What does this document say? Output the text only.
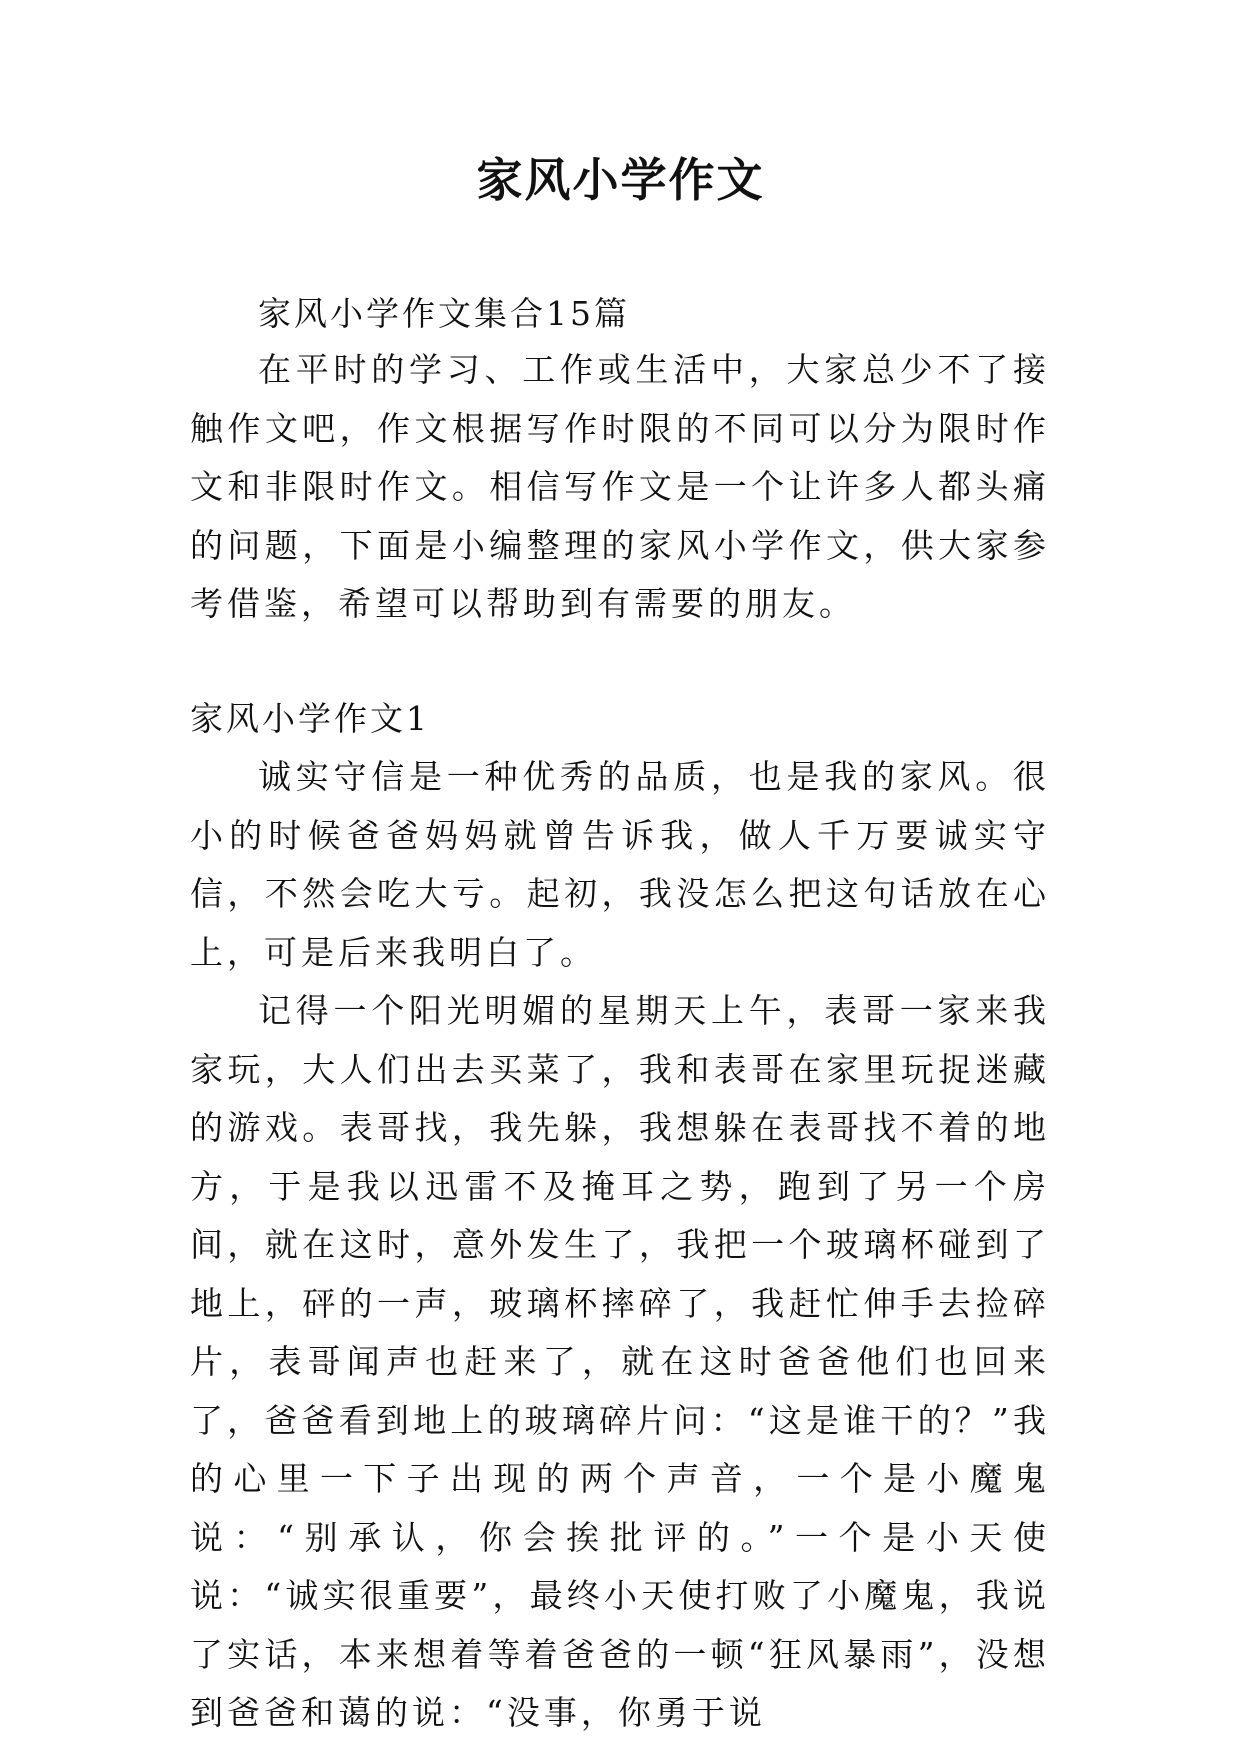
家风小学作文
家风小学作文集合15篇

在平时的学习、工作或生活中，大家总少不了接触作文吧，作文根据写作时限的不同可以分为限时作文和非限时作文。相信写作文是一个让许多人都头痛的问题，下面是小编整理的家风小学作文，供大家参考借鉴，希望可以帮助到有需要的朋友。

家风小学作文1

诚实守信是一种优秀的品质，也是我的家风。很小的时候爸爸妈妈就曾告诉我，做人千万要诚实守信，不然会吃大亏。起初，我没怎么把这句话放在心上，可是后来我明白了。

记得一个阳光明媚的星期天上午，表哥一家来我家玩，大人们出去买菜了，我和表哥在家里玩捉迷藏的游戏。表哥找，我先躲，我想躲在表哥找不着的地方，于是我以迅雷不及掩耳之势，跑到了另一个房间，就在这时，意外发生了，我把一个玻璃杯碰到了地上，砰的一声，玻璃杯摔碎了，我赶忙伸手去捡碎片，表哥闻声也赶来了，就在这时爸爸他们也回来了，爸爸看到地上的玻璃碎片问：“这是谁干的？”我的心里一下子出现的两个声音，一个是小魔鬼说：“别承认，你会挨批评的。”一个是小天使说：“诚实很重要”，最终小天使打败了小魔鬼，我说了实话，本来想着等着爸爸的一顿“狂风暴雨”，没想到爸爸和蔼的说：“没事，你勇于说
